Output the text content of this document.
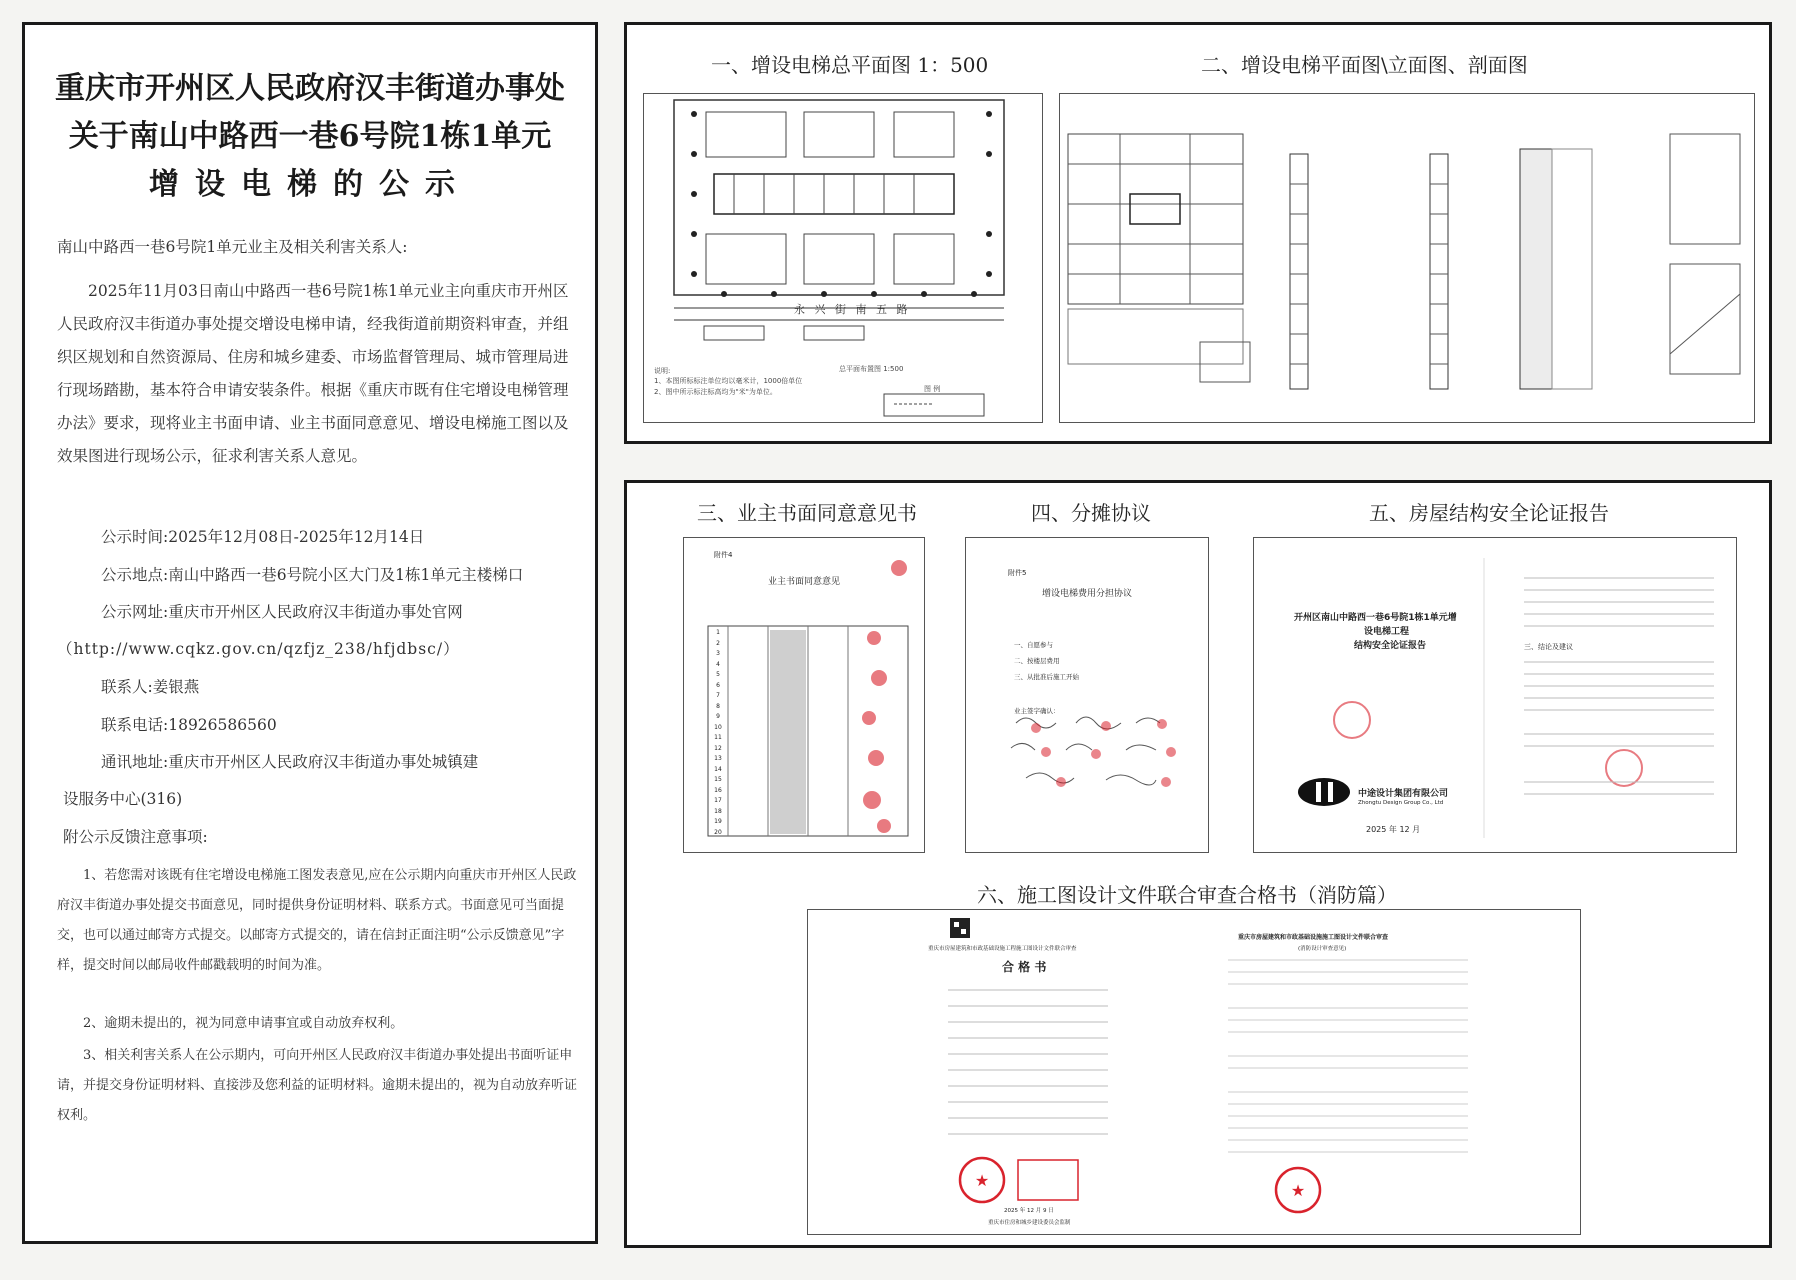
重庆市开州区人民政府汉丰街道办事处
关于南山中路西一巷6号院1栋1单元
增设电梯的公示
南山中路西一巷6号院1单元业主及相关利害关系人:
2025年11月03日南山中路西一巷6号院1栋1单元业主向重庆市开州区人民政府汉丰街道办事处提交增设电梯申请，经我街道前期资料审查，并组织区规划和自然资源局、住房和城乡建委、市场监督管理局、城市管理局进行现场踏勘，基本符合申请安装条件。根据《重庆市既有住宅增设电梯管理办法》要求，现将业主书面申请、业主书面同意意见、增设电梯施工图以及效果图进行现场公示，征求利害关系人意见。
公示时间:2025年12月08日-2025年12月14日
公示地点:南山中路西一巷6号院小区大门及1栋1单元主楼梯口
公示网址:重庆市开州区人民政府汉丰街道办事处官网
（http://www.cqkz.gov.cn/qzfjz_238/hfjdbsc/）
联系人:姜银燕
联系电话:18926586560
通讯地址:重庆市开州区人民政府汉丰街道办事处城镇建
设服务中心(316)
附公示反馈注意事项:
1、若您需对该既有住宅增设电梯施工图发表意见,应在公示期内向重庆市开州区人民政府汉丰街道办事处提交书面意见，同时提供身份证明材料、联系方式。书面意见可当面提交，也可以通过邮寄方式提交。以邮寄方式提交的，请在信封正面注明“公示反馈意见”字样，提交时间以邮局收件邮戳载明的时间为准。
2、逾期未提出的，视为同意申请事宜或自动放弃权利。
3、相关利害关系人在公示期内，可向开州区人民政府汉丰街道办事处提出书面听证申请，并提交身份证明材料、直接涉及您利益的证明材料。逾期未提出的，视为自动放弃听证权利。
一、增设电梯总平面图 1：500	二、增设电梯平面图\立面图、剖面图
永 兴 街 南 五 路
说明:
1、本图所标标注单位均以毫米计，1000倍单位
2、图中所示标注标高均为"米"为单位。
总平面布置图 1:500
图 例
三、业主书面同意意见书	四、分摊协议	五、房屋结构安全论证报告
六、施工图设计文件联合审查合格书（消防篇）
附件4
业主书面同意意见
1
2
3
4
5
6
7
8
9
10
11
12
13
14
15
16
17
18
19
20
附件5
增设电梯费用分担协议
一、自愿参与
二、按楼层费用
三、从批准后施工开始
业主签字确认：
开州区南山中路西一巷6号院1栋1单元增
设电梯工程
结构安全论证报告
中途设计集团有限公司
Zhongtu Design Group Co., Ltd
2025 年 12 月
三、结论及建议
★
★
重庆市房屋建筑和市政基础设施工程施工图设计文件联合审查
合 格 书
重庆市房屋建筑和市政基础设施施工图设计文件联合审查
(消防设计审查意见)
2025 年 12 月 9 日
重庆市住房和城乡建设委员会监制
